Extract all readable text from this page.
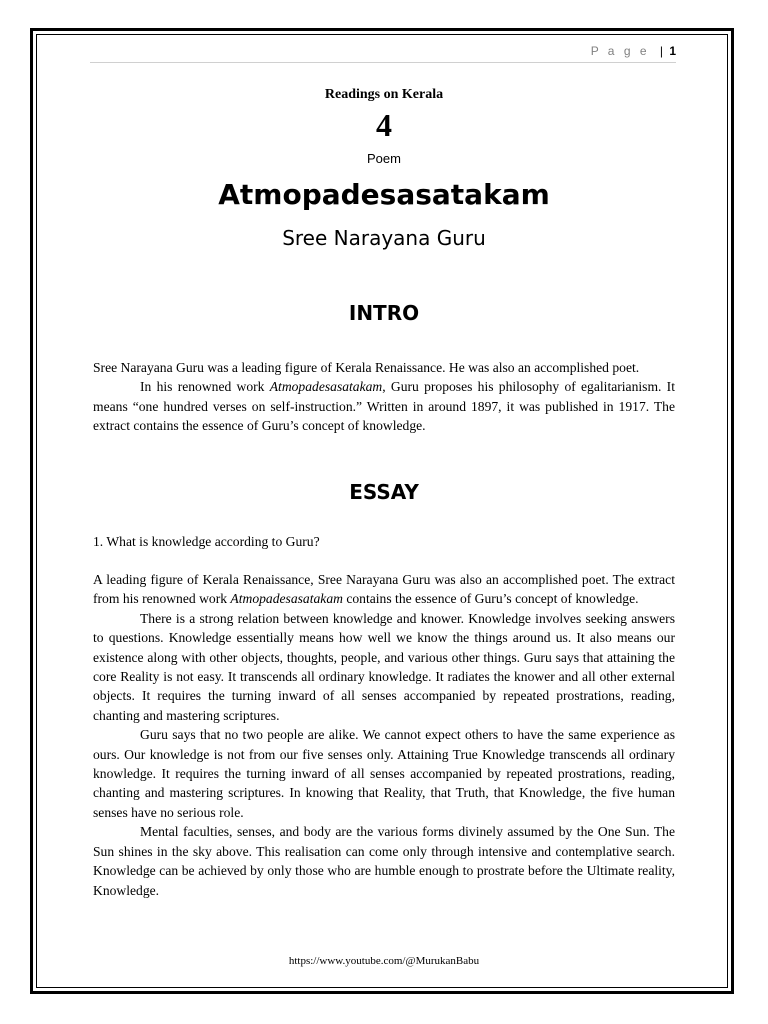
P a g e | 1
Readings on Kerala
4
Poem
Atmopadesasatakam
Sree Narayana Guru
INTRO

Sree Narayana Guru was a leading figure of Kerala Renaissance. He was also an accomplished poet.

In his renowned work Atmopadesasatakam, Guru proposes his philosophy of egalitarianism. It means “one hundred verses on self-instruction.” Written in around 1897, it was published in 1917. The extract contains the essence of Guru’s concept of knowledge.

ESSAY
1. What is knowledge according to Guru?

A leading figure of Kerala Renaissance, Sree Narayana Guru was also an accomplished poet. The extract from his renowned work Atmopadesasatakam contains the essence of Guru’s concept of knowledge.

There is a strong relation between knowledge and knower. Knowledge involves seeking answers to questions. Knowledge essentially means how well we know the things around us. It also means our existence along with other objects, thoughts, people, and various other things. Guru says that attaining the core Reality is not easy. It transcends all ordinary knowledge. It radiates the knower and all other external objects. It requires the turning inward of all senses accompanied by repeated prostrations, reading, chanting and mastering scriptures.

Guru says that no two people are alike. We cannot expect others to have the same experience as ours. Our knowledge is not from our five senses only. Attaining True Knowledge transcends all ordinary knowledge. It requires the turning inward of all senses accompanied by repeated prostrations, reading, chanting and mastering scriptures. In knowing that Reality, that Truth, that Knowledge, the five human senses have no serious role.

Mental faculties, senses, and body are the various forms divinely assumed by the One Sun. The Sun shines in the sky above. This realisation can come only through intensive and contemplative search. Knowledge can be achieved by only those who are humble enough to prostrate before the Ultimate reality, Knowledge.

https://www.youtube.com/@MurukanBabu
